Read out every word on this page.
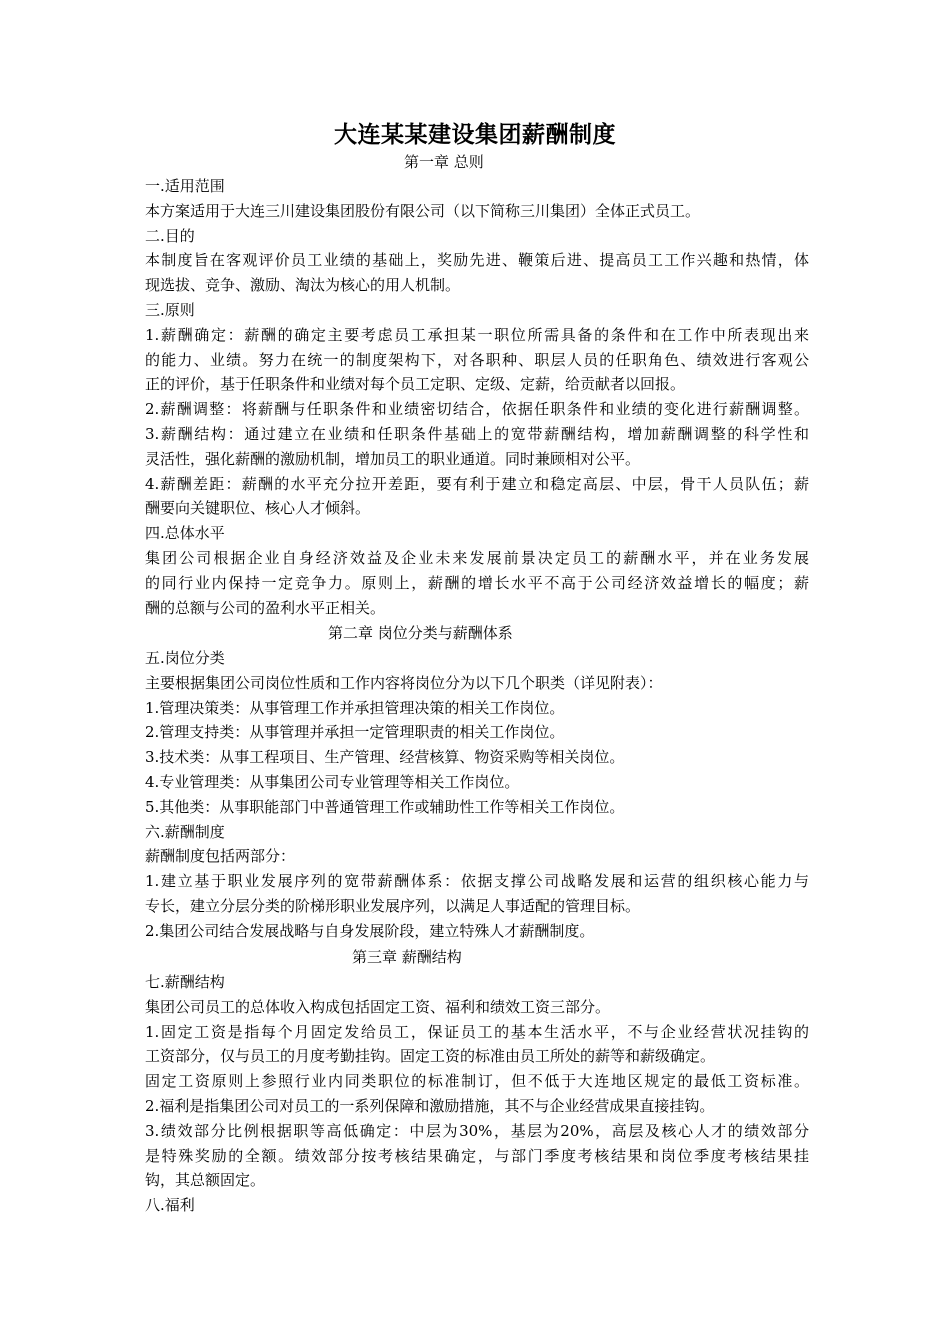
大连某某建设集团薪酬制度
第一章 总则
一.适用范围
本方案适用于大连三川建设集团股份有限公司（以下简称三川集团）全体正式员工。
二.目的
本制度旨在客观评价员工业绩的基础上，奖励先进、鞭策后进、提高员工工作兴趣和热情，体
现选拔、竞争、激励、淘汰为核心的用人机制。
三.原则
1.薪酬确定：薪酬的确定主要考虑员工承担某一职位所需具备的条件和在工作中所表现出来
的能力、业绩。努力在统一的制度架构下，对各职种、职层人员的任职角色、绩效进行客观公
正的评价，基于任职条件和业绩对每个员工定职、定级、定薪，给贡献者以回报。
2.薪酬调整：将薪酬与任职条件和业绩密切结合，依据任职条件和业绩的变化进行薪酬调整。
3.薪酬结构：通过建立在业绩和任职条件基础上的宽带薪酬结构，增加薪酬调整的科学性和
灵活性，强化薪酬的激励机制，增加员工的职业通道。同时兼顾相对公平。
4.薪酬差距：薪酬的水平充分拉开差距，要有利于建立和稳定高层、中层，骨干人员队伍；薪
酬要向关键职位、核心人才倾斜。
四.总体水平
集团公司根据企业自身经济效益及企业未来发展前景决定员工的薪酬水平，并在业务发展
的同行业内保持一定竞争力。原则上，薪酬的增长水平不高于公司经济效益增长的幅度；薪
酬的总额与公司的盈利水平正相关。
第二章 岗位分类与薪酬体系
五.岗位分类
主要根据集团公司岗位性质和工作内容将岗位分为以下几个职类（详见附表）：
1.管理决策类：从事管理工作并承担管理决策的相关工作岗位。
2.管理支持类：从事管理并承担一定管理职责的相关工作岗位。
3.技术类：从事工程项目、生产管理、经营核算、物资采购等相关岗位。
4.专业管理类：从事集团公司专业管理等相关工作岗位。
5.其他类：从事职能部门中普通管理工作或辅助性工作等相关工作岗位。
六.薪酬制度
薪酬制度包括两部分：
1.建立基于职业发展序列的宽带薪酬体系：依据支撑公司战略发展和运营的组织核心能力与
专长，建立分层分类的阶梯形职业发展序列，以满足人事适配的管理目标。
2.集团公司结合发展战略与自身发展阶段，建立特殊人才薪酬制度。
第三章 薪酬结构
七.薪酬结构
集团公司员工的总体收入构成包括固定工资、福利和绩效工资三部分。
1.固定工资是指每个月固定发给员工，保证员工的基本生活水平，不与企业经营状况挂钩的
工资部分，仅与员工的月度考勤挂钩。固定工资的标准由员工所处的薪等和薪级确定。
固定工资原则上参照行业内同类职位的标准制订，但不低于大连地区规定的最低工资标准。
2.福利是指集团公司对员工的一系列保障和激励措施，其不与企业经营成果直接挂钩。
3.绩效部分比例根据职等高低确定：中层为30%，基层为20%，高层及核心人才的绩效部分
是特殊奖励的全额。绩效部分按考核结果确定，与部门季度考核结果和岗位季度考核结果挂
钩，其总额固定。
八.福利
